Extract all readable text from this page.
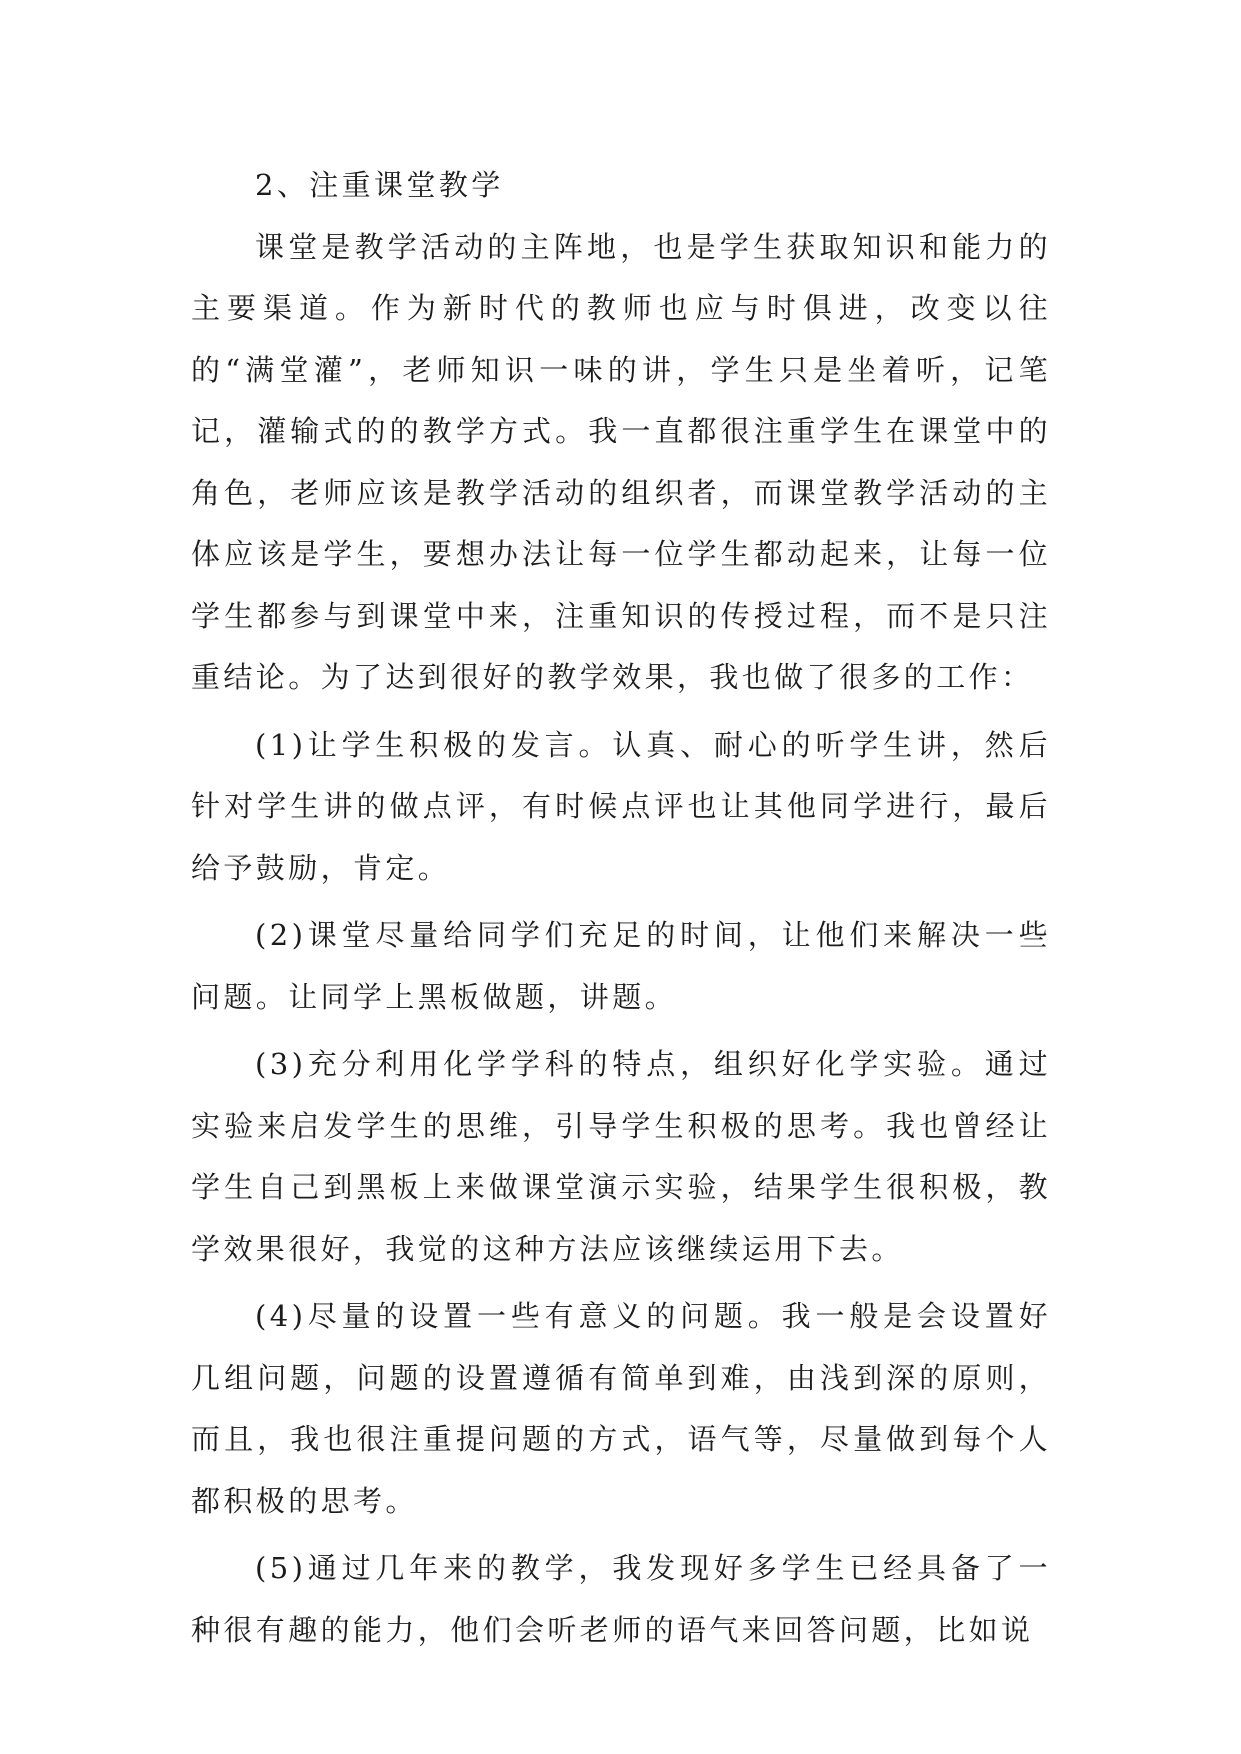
2、注重课堂教学

课堂是教学活动的主阵地，也是学生获取知识和能力的主要渠道。作为新时代的教师也应与时俱进，改变以往的“满堂灌”，老师知识一味的讲，学生只是坐着听，记笔记，灌输式的的教学方式。我一直都很注重学生在课堂中的角色，老师应该是教学活动的组织者，而课堂教学活动的主体应该是学生，要想办法让每一位学生都动起来，让每一位学生都参与到课堂中来，注重知识的传授过程，而不是只注重结论。为了达到很好的教学效果，我也做了很多的工作：

(1)让学生积极的发言。认真、耐心的听学生讲，然后针对学生讲的做点评，有时候点评也让其他同学进行，最后给予鼓励，肯定。

(2)课堂尽量给同学们充足的时间，让他们来解决一些问题。让同学上黑板做题，讲题。

(3)充分利用化学学科的特点，组织好化学实验。通过实验来启发学生的思维，引导学生积极的思考。我也曾经让学生自己到黑板上来做课堂演示实验，结果学生很积极，教学效果很好，我觉的这种方法应该继续运用下去。

(4)尽量的设置一些有意义的问题。我一般是会设置好几组问题，问题的设置遵循有简单到难，由浅到深的原则，而且，我也很注重提问题的方式，语气等，尽量做到每个人都积极的思考。

(5)通过几年来的教学，我发现好多学生已经具备了一种很有趣的能力，他们会听老师的语气来回答问题，比如说
